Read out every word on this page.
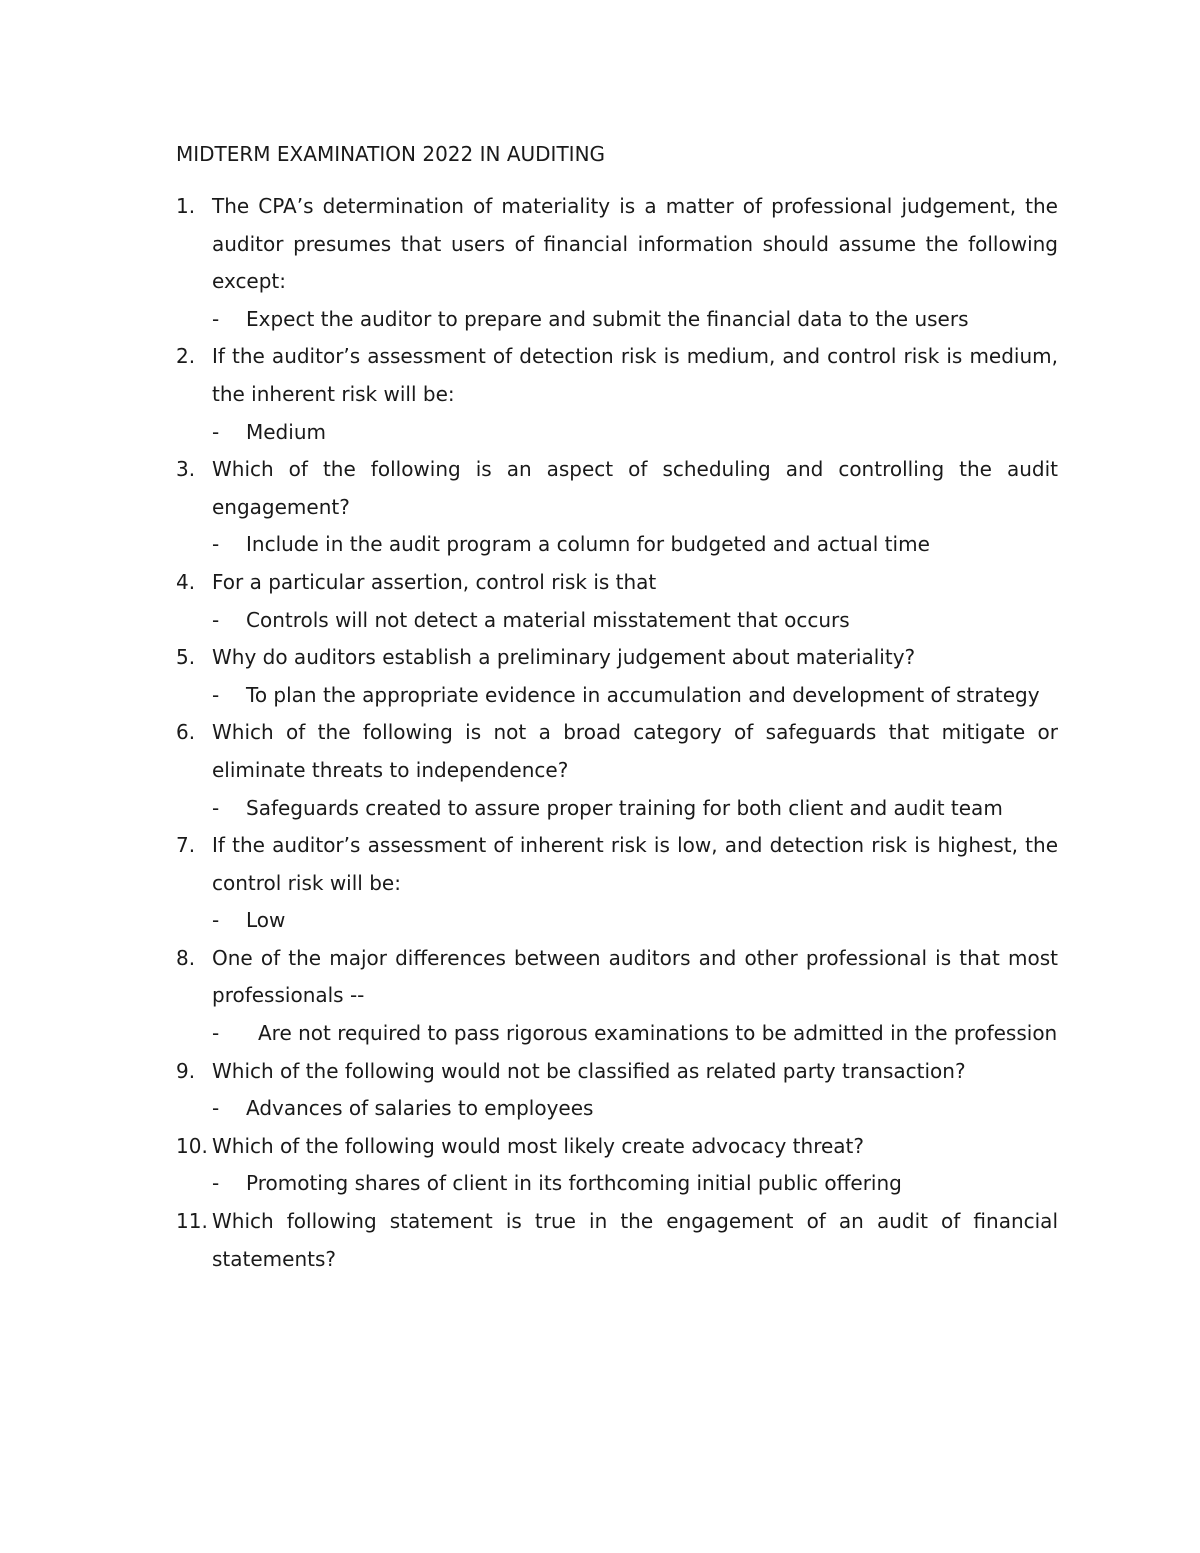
MIDTERM EXAMINATION 2022 IN AUDITING
1. The CPA’s determination of materiality is a matter of professional judgement, the auditor presumes that users of financial information should assume the following except:
- Expect the auditor to prepare and submit the financial data to the users
2. If the auditor’s assessment of detection risk is medium, and control risk is medium, the inherent risk will be:
- Medium
3. Which of the following is an aspect of scheduling and controlling the audit engagement?
- Include in the audit program a column for budgeted and actual time
4. For a particular assertion, control risk is that
- Controls will not detect a material misstatement that occurs
5. Why do auditors establish a preliminary judgement about materiality?
- To plan the appropriate evidence in accumulation and development of strategy
6. Which of the following is not a broad category of safeguards that mitigate or eliminate threats to independence?
- Safeguards created to assure proper training for both client and audit team
7. If the auditor’s assessment of inherent risk is low, and detection risk is highest, the control risk will be:
- Low
8. One of the major differences between auditors and other professional is that most professionals --
-	Are not required to pass rigorous examinations to be admitted in the profession
9. Which of the following would not be classified as related party transaction?
- Advances of salaries to employees
10. Which of the following would most likely create advocacy threat?
- Promoting shares of client in its forthcoming initial public offering
11. Which following statement is true in the engagement of an audit of financial statements?
